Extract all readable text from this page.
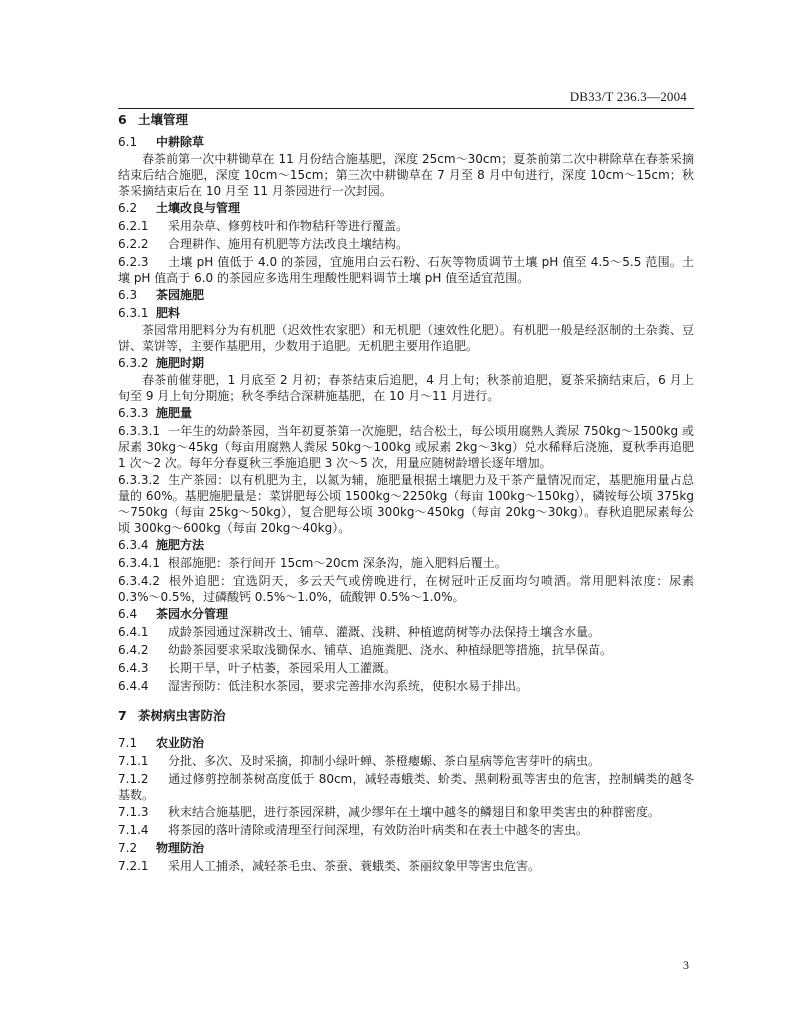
DB33/T 236.3—2004
6 土壤管理
6.1 中耕除草

春茶前第一次中耕锄草在 11 月份结合施基肥，深度 25cm～30cm；夏茶前第二次中耕除草在春茶采摘结束后结合施肥，深度 10cm～15cm；第三次中耕锄草在 7 月至 8 月中旬进行，深度 10cm～15cm；秋茶采摘结束后在 10 月至 11 月茶园进行一次封园。

6.2 土壤改良与管理
6.2.1 采用杂草、修剪枝叶和作物秸秆等进行覆盖。
6.2.2 合理耕作、施用有机肥等方法改良土壤结构。
6.2.3 土壤 pH 值低于 4.0 的茶园，宜施用白云石粉、石灰等物质调节土壤 pH 值至 4.5～5.5 范围。土壤 pH 值高于 6.0 的茶园应多选用生理酸性肥料调节土壤 pH 值至适宜范围。
6.3 茶园施肥
6.3.1 肥料

茶园常用肥料分为有机肥（迟效性农家肥）和无机肥（速效性化肥）。有机肥一般是经沤制的土杂粪、豆饼、菜饼等，主要作基肥用，少数用于追肥。无机肥主要用作追肥。

6.3.2 施肥时期

春茶前催芽肥，1 月底至 2 月初；春茶结束后追肥，4 月上旬；秋茶前追肥，夏茶采摘结束后，6 月上旬至 9 月上旬分期施；秋冬季结合深耕施基肥，在 10 月～11 月进行。

6.3.3 施肥量
6.3.3.1 一年生的幼龄茶园，当年初夏茶第一次施肥，结合松土，每公顷用腐熟人粪尿 750kg～1500kg 或尿素 30kg～45kg（每亩用腐熟人粪尿 50kg～100kg 或尿素 2kg～3kg）兑水稀释后浇施，夏秋季再追肥 1 次～2 次。每年分春夏秋三季施追肥 3 次～5 次，用量应随树龄增长逐年增加。
6.3.3.2 生产茶园：以有机肥为主，以氮为辅，施肥量根据土壤肥力及干茶产量情况而定，基肥施用量占总量的 60%。基肥施肥量是：菜饼肥每公顷 1500kg～2250kg（每亩 100kg～150kg），磷铵每公顷 375kg～750kg（每亩 25kg～50kg），复合肥每公顷 300kg～450kg（每亩 20kg～30kg）。春秋追肥尿素每公顷 300kg～600kg（每亩 20kg～40kg）。
6.3.4 施肥方法
6.3.4.1 根部施肥：茶行间开 15cm～20cm 深条沟，施入肥料后覆土。
6.3.4.2 根外追肥：宜选阴天，多云天气或傍晚进行，在树冠叶正反面均匀喷洒。常用肥料浓度：尿素 0.3%～0.5%，过磷酸钙 0.5%～1.0%，硫酸钾 0.5%～1.0%。
6.4 茶园水分管理
6.4.1 成龄茶园通过深耕改土、铺草、灌溉、浅耕、种植遮荫树等办法保持土壤含水量。
6.4.2 幼龄茶园要求采取浅锄保水、铺草、追施粪肥、浇水、种植绿肥等措施，抗旱保苗。
6.4.3 长期干旱，叶子枯萎，茶园采用人工灌溉。
6.4.4 湿害预防：低洼积水茶园，要求完善排水沟系统，使积水易于排出。
7 茶树病虫害防治
7.1 农业防治
7.1.1 分批、多次、及时采摘，抑制小绿叶蝉、茶橙瘿螈、茶白星病等危害芽叶的病虫。
7.1.2 通过修剪控制茶树高度低于 80cm，减轻毒蛾类、蚧类、黑刺粉虱等害虫的危害，控制螨类的越冬基数。
7.1.3 秋末结合施基肥，进行茶园深耕，减少缪年在土壤中越冬的鳞翅目和象甲类害虫的种群密度。
7.1.4 将茶园的落叶清除或清理至行间深埋，有效防治叶病类和在表土中越冬的害虫。
7.2 物理防治
7.2.1 采用人工捕杀，减轻茶毛虫、茶蚕、蓑蛾类、茶丽纹象甲等害虫危害。
3
